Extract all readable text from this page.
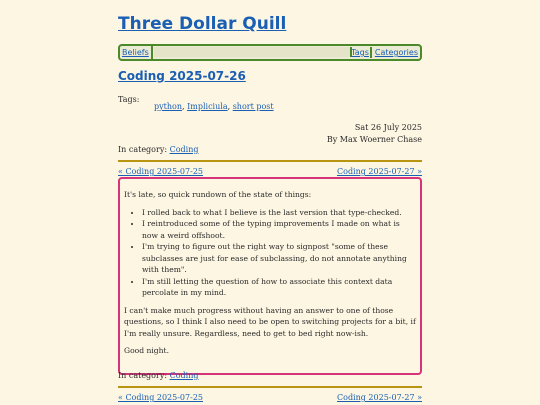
Three Dollar Quill
Beliefs	Tags Categories
Coding 2025-07-26
Tags:
python, Impliciula, short post
Sat 26 July 2025
By Max Woerner Chase
In category: Coding
« Coding 2025-07-25	Coding 2025-07-27 »

It's late, so quick rundown of the state of things:

• I rolled back to what I believe is the last version that type-checked.
• I reintroduced some of the typing improvements I made on what is now a weird offshoot.
• I'm trying to figure out the right way to signpost "some of these subclasses are just for ease of subclassing, do not annotate anything with them".
• I'm still letting the question of how to associate this context data percolate in my mind.

I can't make much progress without having an answer to one of those questions, so I think I also need to be open to switching projects for a bit, if I'm really unsure. Regardless, need to get to bed right now-ish.

Good night.

In category: Coding
« Coding 2025-07-25	Coding 2025-07-27 »
